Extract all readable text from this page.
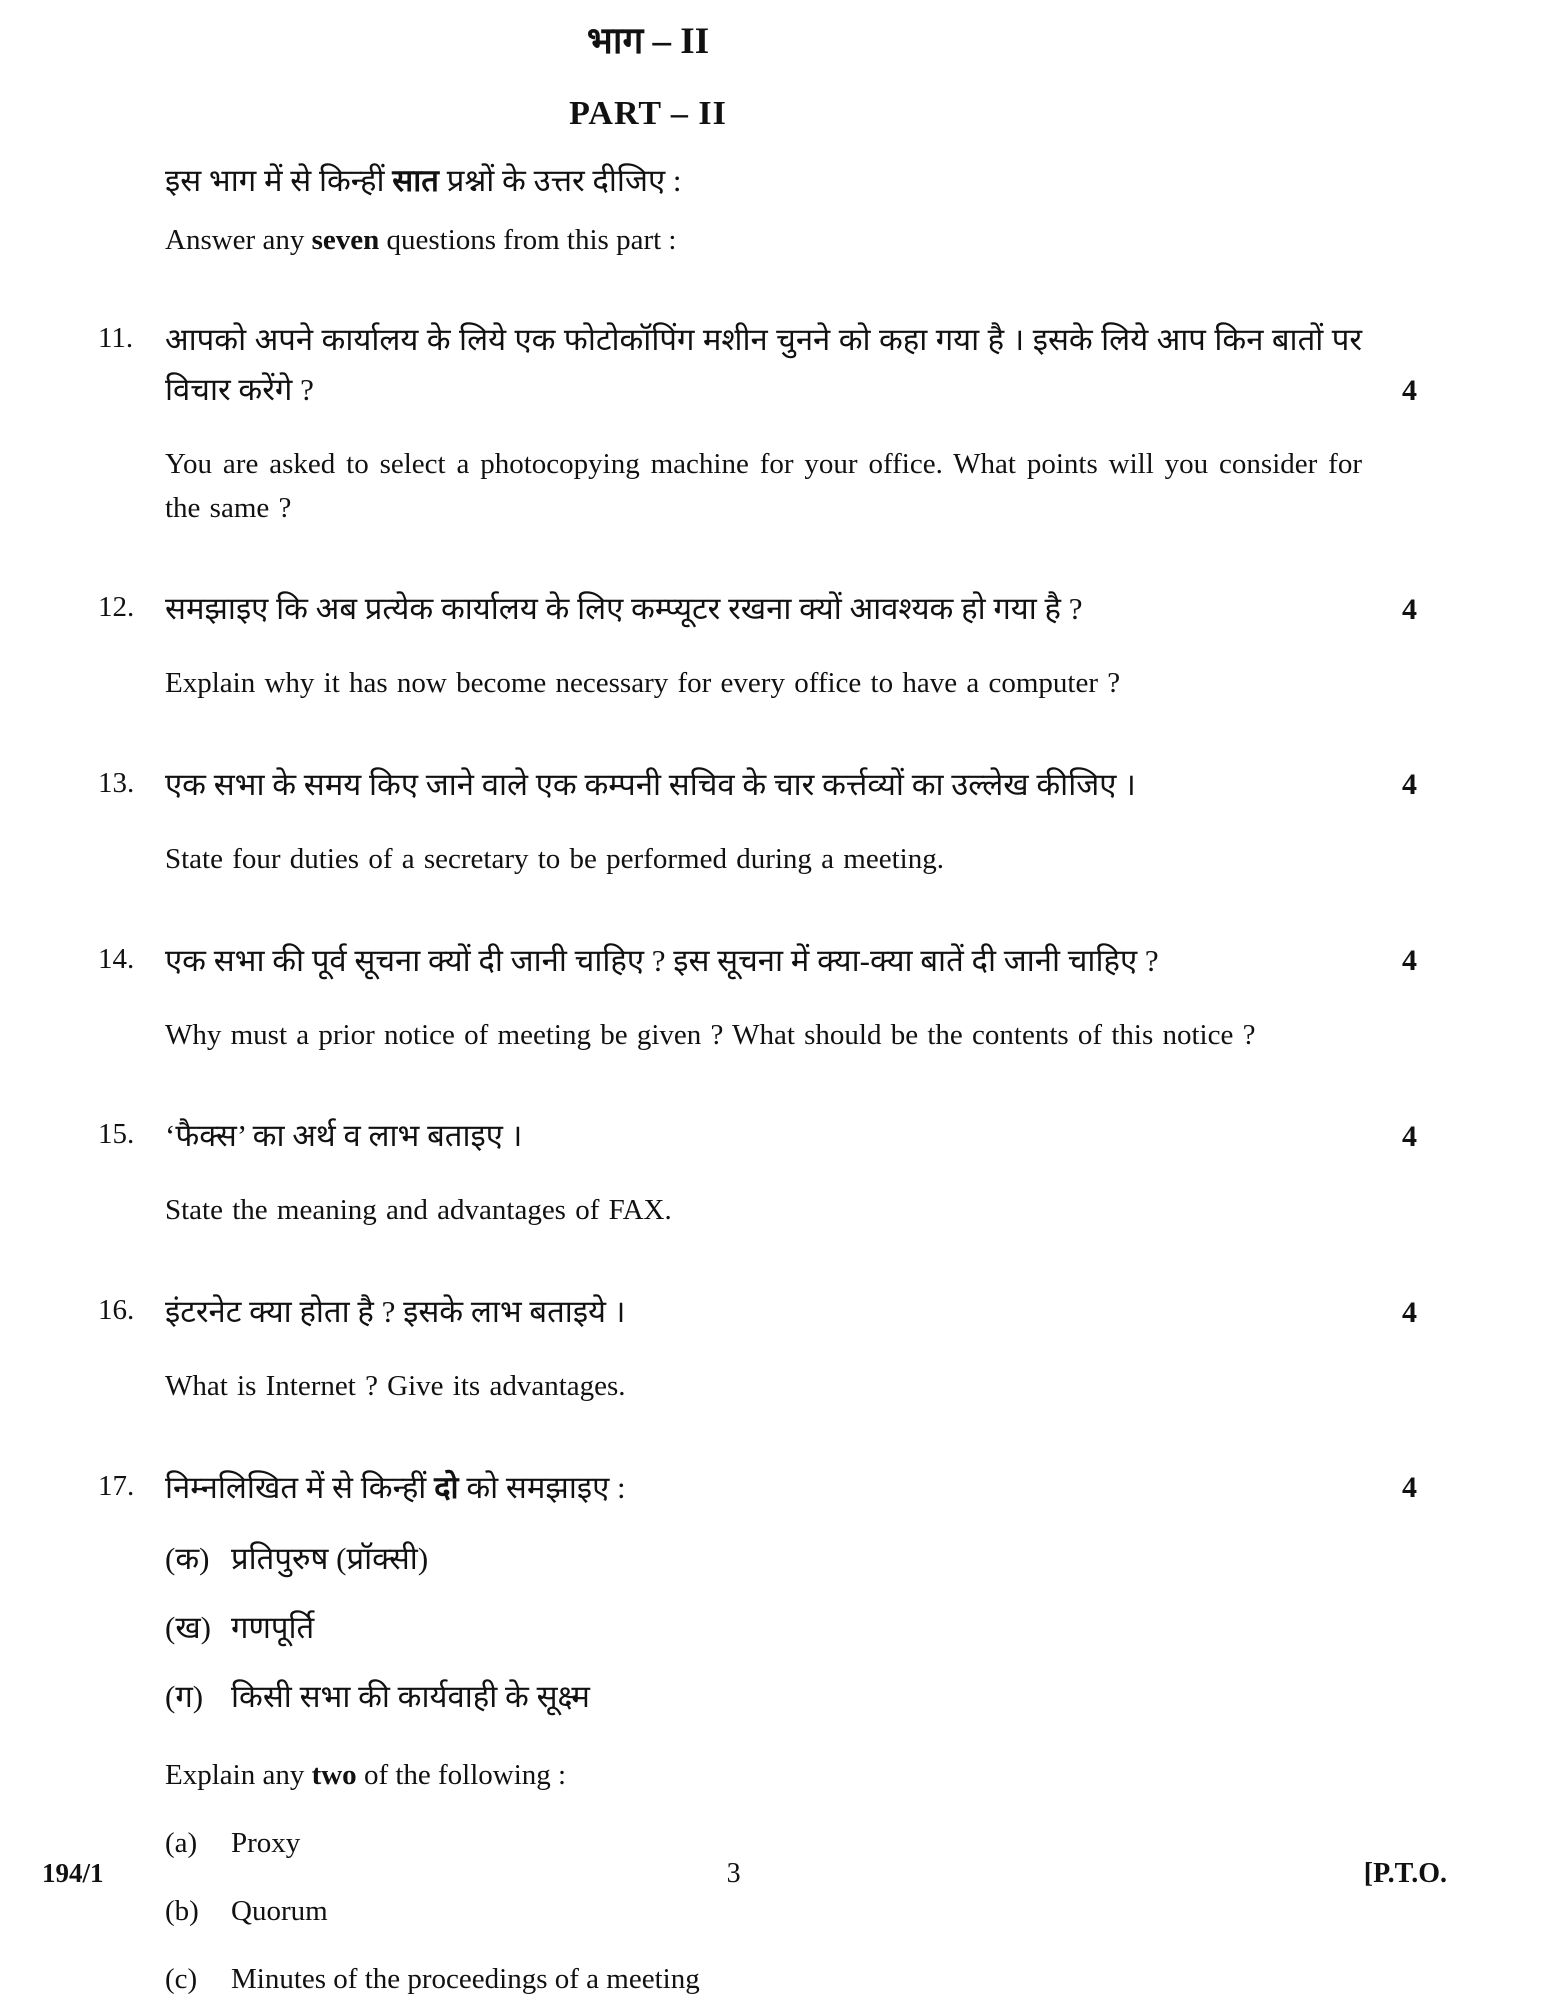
भाग – II
PART – II
इस भाग में से किन्हीं सात प्रश्नों के उत्तर दीजिए :
Answer any seven questions from this part :
11.	आपको अपने कार्यालय के लिये एक फोटोकॉपिंग मशीन चुनने को कहा गया है । इसके लिये आप किन बातों पर विचार करेंगे ?	4
You are asked to select a photocopying machine for your office. What points will you consider for the same ?
12. समझाइए कि अब प्रत्येक कार्यालय के लिए कम्प्यूटर रखना क्यों आवश्यक हो गया है ?	4
Explain why it has now become necessary for every office to have a computer ?
13. एक सभा के समय किए जाने वाले एक कम्पनी सचिव के चार कर्त्तव्यों का उल्लेख कीजिए ।	4
State four duties of a secretary to be performed during a meeting.
14. एक सभा की पूर्व सूचना क्यों दी जानी चाहिए ? इस सूचना में क्या-क्या बातें दी जानी चाहिए ?	4
Why must a prior notice of meeting be given ? What should be the contents of this notice ?
15. ‘फैक्स’ का अर्थ व लाभ बताइए ।	4
State the meaning and advantages of FAX.
16. इंटरनेट क्या होता है ? इसके लाभ बताइये ।	4
What is Internet ? Give its advantages.
17. निम्नलिखित में से किन्हीं दो को समझाइए :	4
(क) प्रतिपुरुष (प्रॉक्सी)
(ख) गणपूर्ति
(ग) किसी सभा की कार्यवाही के सूक्ष्म
Explain any two of the following :
(a)	Proxy
(b)	Quorum
(c)	Minutes of the proceedings of a meeting
194/1	3	[P.T.O.
